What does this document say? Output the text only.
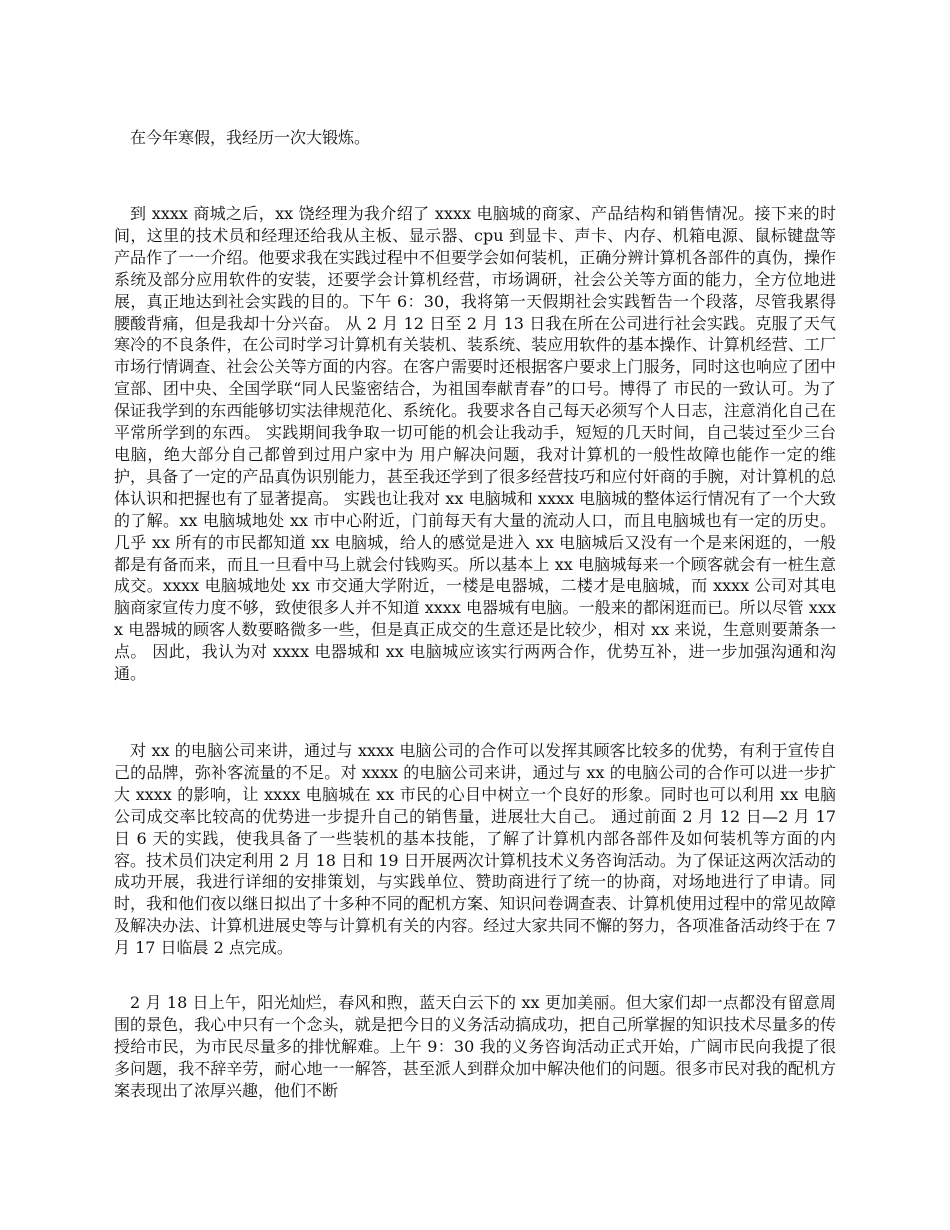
在今年寒假，我经历一次大锻炼。

到 xxxx 商城之后，xx 饶经理为我介绍了 xxxx 电脑城的商家、产品结构和销售情况。接下来的时间，这里的技术员和经理还给我从主板、显示器、cpu 到显卡、声卡、内存、机箱电源、鼠标键盘等产品作了一一介绍。他要求我在实践过程中不但要学会如何装机，正确分辨计算机各部件的真伪，操作系统及部分应用软件的安装，还要学会计算机经营，市场调研，社会公关等方面的能力，全方位地进展，真正地达到社会实践的目的。下午 6：30，我将第一天假期社会实践暂告一个段落，尽管我累得腰酸背痛，但是我却十分兴奋。 从 2 月 12 日至 2 月 13 日我在所在公司进行社会实践。克服了天气寒冷的不良条件，在公司时学习计算机有关装机、装系统、装应用软件的基本操作、计算机经营、工厂市场行情调查、社会公关等方面的内容。在客户需要时还根据客户要求上门服务，同时这也响应了团中宣部、团中央、全国学联“同人民鉴密结合，为祖国奉献青春”的口号。博得了 市民的一致认可。为了保证我学到的东西能够切实法律规范化、系统化。我要求各自己每天必须写个人日志，注意消化自己在平常所学到的东西。 实践期间我争取一切可能的机会让我动手，短短的几天时间，自己装过至少三台电脑，绝大部分自己都曾到过用户家中为 用户解决问题，我对计算机的一般性故障也能作一定的维护，具备了一定的产品真伪识别能力，甚至我还学到了很多经营技巧和应付奸商的手腕，对计算机的总体认识和把握也有了显著提高。 实践也让我对 xx 电脑城和 xxxx 电脑城的整体运行情况有了一个大致的了解。xx 电脑城地处 xx 市中心附近，门前每天有大量的流动人口，而且电脑城也有一定的历史。几乎 xx 所有的市民都知道 xx 电脑城，给人的感觉是进入 xx 电脑城后又没有一个是来闲逛的，一般都是有备而来，而且一旦看中马上就会付钱购买。所以基本上 xx 电脑城每来一个顾客就会有一桩生意成交。xxxx 电脑城地处 xx 市交通大学附近，一楼是电器城，二楼才是电脑城，而 xxxx 公司对其电脑商家宣传力度不够，致使很多人并不知道 xxxx 电器城有电脑。一般来的都闲逛而已。所以尽管 xxxx 电器城的顾客人数要略微多一些，但是真正成交的生意还是比较少，相对 xx 来说，生意则要萧条一点。 因此，我认为对 xxxx 电器城和 xx 电脑城应该实行两两合作，优势互补，进一步加强沟通和沟通。

对 xx 的电脑公司来讲，通过与 xxxx 电脑公司的合作可以发挥其顾客比较多的优势，有利于宣传自己的品牌，弥补客流量的不足。对 xxxx 的电脑公司来讲，通过与 xx 的电脑公司的合作可以进一步扩大 xxxx 的影响，让 xxxx 电脑城在 xx 市民的心目中树立一个良好的形象。同时也可以利用 xx 电脑公司成交率比较高的优势进一步提升自己的销售量，进展壮大自己。 通过前面 2 月 12 日—2 月 17 日 6 天的实践，使我具备了一些装机的基本技能，了解了计算机内部各部件及如何装机等方面的内容。技术员们决定利用 2 月 18 日和 19 日开展两次计算机技术义务咨询活动。为了保证这两次活动的成功开展，我进行详细的安排策划，与实践单位、赞助商进行了统一的协商，对场地进行了申请。同时，我和他们夜以继日拟出了十多种不同的配机方案、知识问卷调查表、计算机使用过程中的常见故障及解决办法、计算机进展史等与计算机有关的内容。经过大家共同不懈的努力，各项准备活动终于在 7 月 17 日临晨 2 点完成。

2 月 18 日上午，阳光灿烂，春风和煦，蓝天白云下的 xx 更加美丽。但大家们却一点都没有留意周围的景色，我心中只有一个念头，就是把今日的义务活动搞成功，把自己所掌握的知识技术尽量多的传授给市民，为市民尽量多的排忧解难。上午 9：30 我的义务咨询活动正式开始，广阔市民向我提了很多问题，我不辞辛劳，耐心地一一解答，甚至派人到群众加中解决他们的问题。很多市民对我的配机方案表现出了浓厚兴趣，他们不断
